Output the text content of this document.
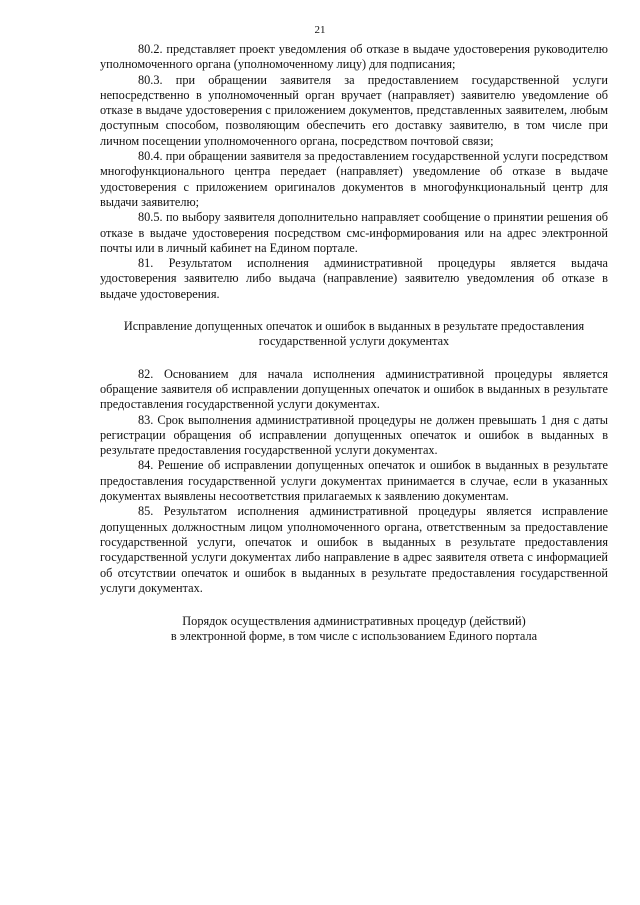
21

80.2. представляет проект уведомления об отказе в выдаче удостоверения руководителю уполномоченного органа (уполномоченному лицу) для подписания;

80.3. при обращении заявителя за предоставлением государственной услуги непосредственно в уполномоченный орган вручает (направляет) заявителю уведомление об отказе в выдаче удостоверения с приложением документов, представленных заявителем, любым доступным способом, позволяющим обеспечить его доставку заявителю, в том числе при личном посещении уполномоченного органа, посредством почтовой связи;

80.4. при обращении заявителя за предоставлением государственной услуги посредством многофункционального центра передает (направляет) уведомление об отказе в выдаче удостоверения с приложением оригиналов документов в многофункциональный центр для выдачи заявителю;

80.5. по выбору заявителя дополнительно направляет сообщение о принятии решения об отказе в выдаче удостоверения посредством смс-информирования или на адрес электронной почты или в личный кабинет на Едином портале.

81. Результатом исполнения административной процедуры является выдача удостоверения заявителю либо выдача (направление) заявителю уведомления об отказе в выдаче удостоверения.

Исправление допущенных опечаток и ошибок в выданных в результате предоставления государственной услуги документах

82. Основанием для начала исполнения административной процедуры является обращение заявителя об исправлении допущенных опечаток и ошибок в выданных в результате предоставления государственной услуги документах.

83. Срок выполнения административной процедуры не должен превышать 1 дня с даты регистрации обращения об исправлении допущенных опечаток и ошибок в выданных в результате предоставления государственной услуги документах.

84. Решение об исправлении допущенных опечаток и ошибок в выданных в результате предоставления государственной услуги документах принимается в случае, если в указанных документах выявлены несоответствия прилагаемых к заявлению документам.

85. Результатом исполнения административной процедуры является исправление допущенных должностным лицом уполномоченного органа, ответственным за предоставление государственной услуги, опечаток и ошибок в выданных в результате предоставления государственной услуги документах либо направление в адрес заявителя ответа с информацией об отсутствии опечаток и ошибок в выданных в результате предоставления государственной услуги документах.

Порядок осуществления административных процедур (действий)
в электронной форме, в том числе с использованием Единого портала
